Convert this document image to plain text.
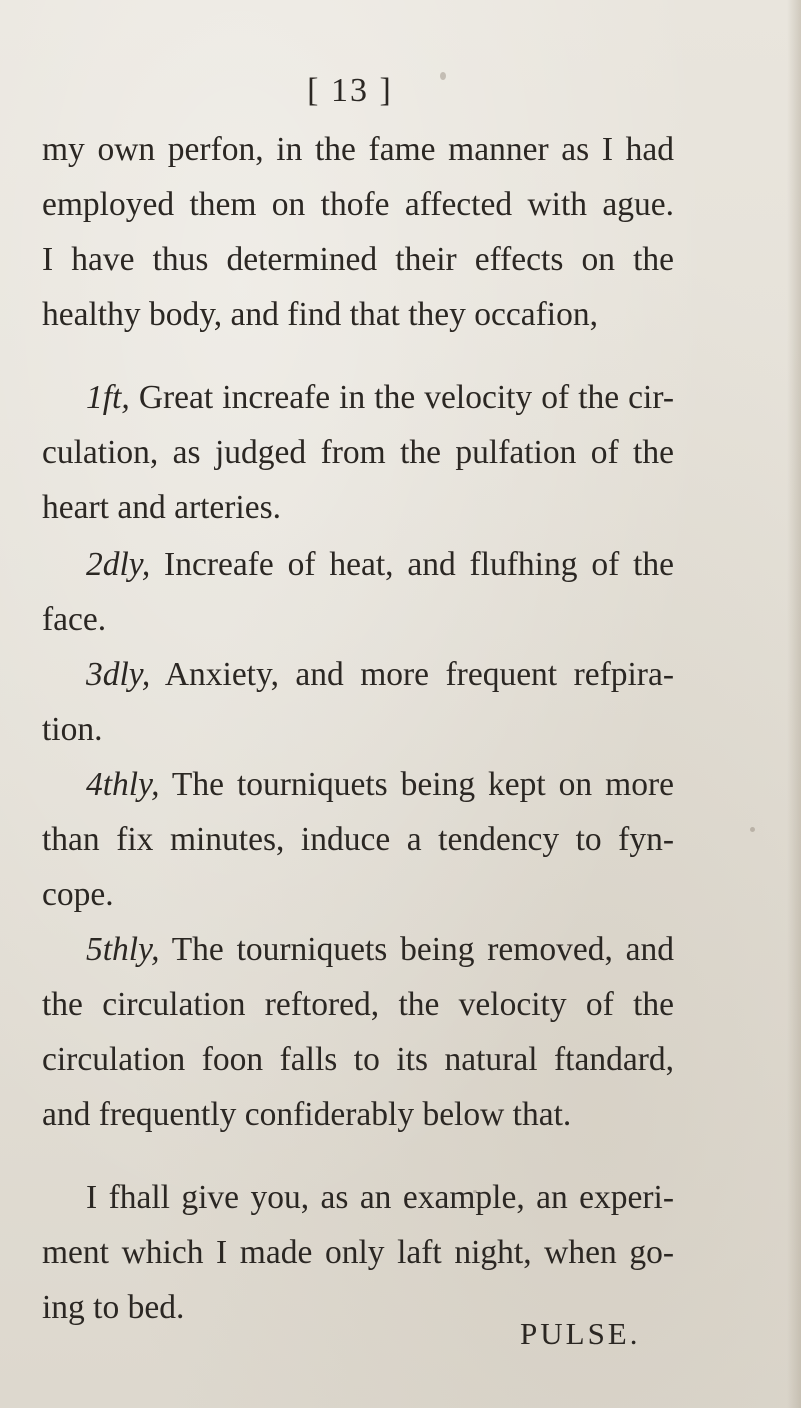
[ 13 ]
my own perfon, in the fame manner as I had
employed them on thofe affected with ague.
I have thus determined their effects on the
healthy body, and find that they occafion,
1ft, Great increafe in the velocity of the cir-
culation, as judged from the pulfation of the
heart and arteries.
2dly, Increafe of heat, and flufhing of the
face.
3dly, Anxiety, and more frequent refpira-
tion.
4thly, The tourniquets being kept on more
than fix minutes, induce a tendency to fyn-
cope.
5thly, The tourniquets being removed, and
the circulation reftored, the velocity of the
circulation foon falls to its natural ftandard,
and frequently confiderably below that.
I fhall give you, as an example, an experi-
ment which I made only laft night, when go-
ing to bed.
PULSE.
